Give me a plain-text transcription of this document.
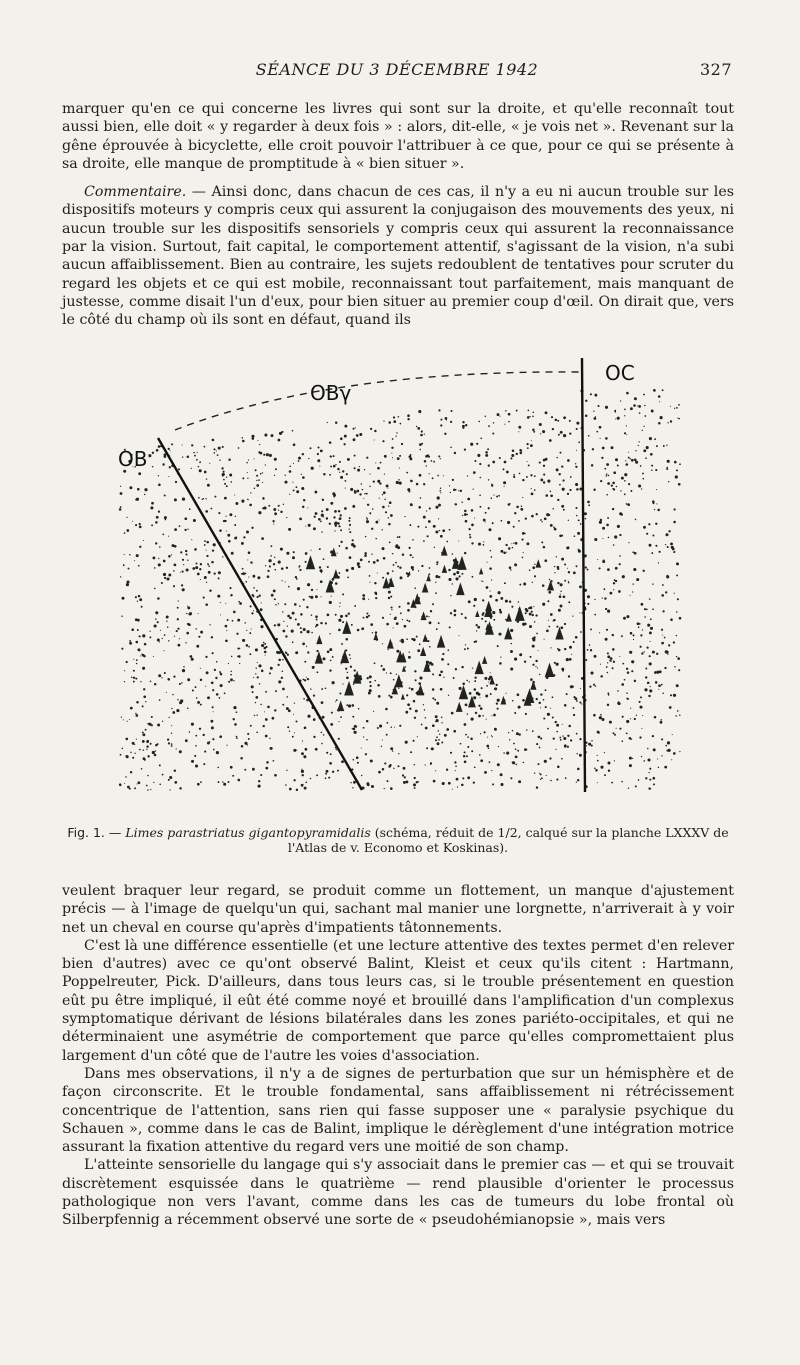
SÉANCE DU 3 DÉCEMBRE 1942	327

marquer qu'en ce qui concerne les livres qui sont sur la droite, et qu'elle reconnaît tout aussi bien, elle doit « y regarder à deux fois » : alors, dit-elle, « je vois net ». Revenant sur la gêne éprouvée à bicyclette, elle croit pouvoir l'attribuer à ce que, pour ce qui se présente à sa droite, elle manque de promptitude à « bien situer ».

Commentaire. — Ainsi donc, dans chacun de ces cas, il n'y a eu ni aucun trouble sur les dispositifs moteurs y compris ceux qui assurent la conjugaison des mouvements des yeux, ni aucun trouble sur les dispositifs sensoriels y compris ceux qui assurent la reconnaissance par la vision. Surtout, fait capital, le comportement attentif, s'agissant de la vision, n'a subi aucun affaiblissement. Bien au contraire, les sujets redoublent de tentatives pour scruter du regard les objets et ce qui est mobile, reconnaissant tout parfaitement, mais manquant de justesse, comme disait l'un d'eux, pour bien situer au premier coup d'œil. On dirait que, vers le côté du champ où ils sont en défaut, quand ils

OB
OBγ
OC
Fig. 1. — Limes parastriatus gigantopyramidalis (schéma, réduit de 1/2, calqué sur la planche LXXXV de l'Atlas de v. Economo et Koskinas).

veulent braquer leur regard, se produit comme un flottement, un manque d'ajustement précis — à l'image de quelqu'un qui, sachant mal manier une lorgnette, n'arriverait à y voir net un cheval en course qu'après d'impatients tâtonnements.

C'est là une différence essentielle (et une lecture attentive des textes permet d'en relever bien d'autres) avec ce qu'ont observé Balint, Kleist et ceux qu'ils citent : Hartmann, Poppelreuter, Pick. D'ailleurs, dans tous leurs cas, si le trouble présentement en question eût pu être impliqué, il eût été comme noyé et brouillé dans l'amplification d'un complexus symptomatique dérivant de lésions bilatérales dans les zones pariéto-occipitales, et qui ne déterminaient une asymétrie de comportement que parce qu'elles compromettaient plus largement d'un côté que de l'autre les voies d'association.

Dans mes observations, il n'y a de signes de perturbation que sur un hémisphère et de façon circonscrite. Et le trouble fondamental, sans affaiblissement ni rétrécissement concentrique de l'attention, sans rien qui fasse supposer une « paralysie psychique du Schauen », comme dans le cas de Balint, implique le dérèglement d'une intégration motrice assurant la fixation attentive du regard vers une moitié de son champ.

L'atteinte sensorielle du langage qui s'y associait dans le premier cas — et qui se trouvait discrètement esquissée dans le quatrième — rend plausible d'orienter le processus pathologique non vers l'avant, comme dans les cas de tumeurs du lobe frontal où Silberpfennig a récemment observé une sorte de « pseudohémianopsie », mais vers
